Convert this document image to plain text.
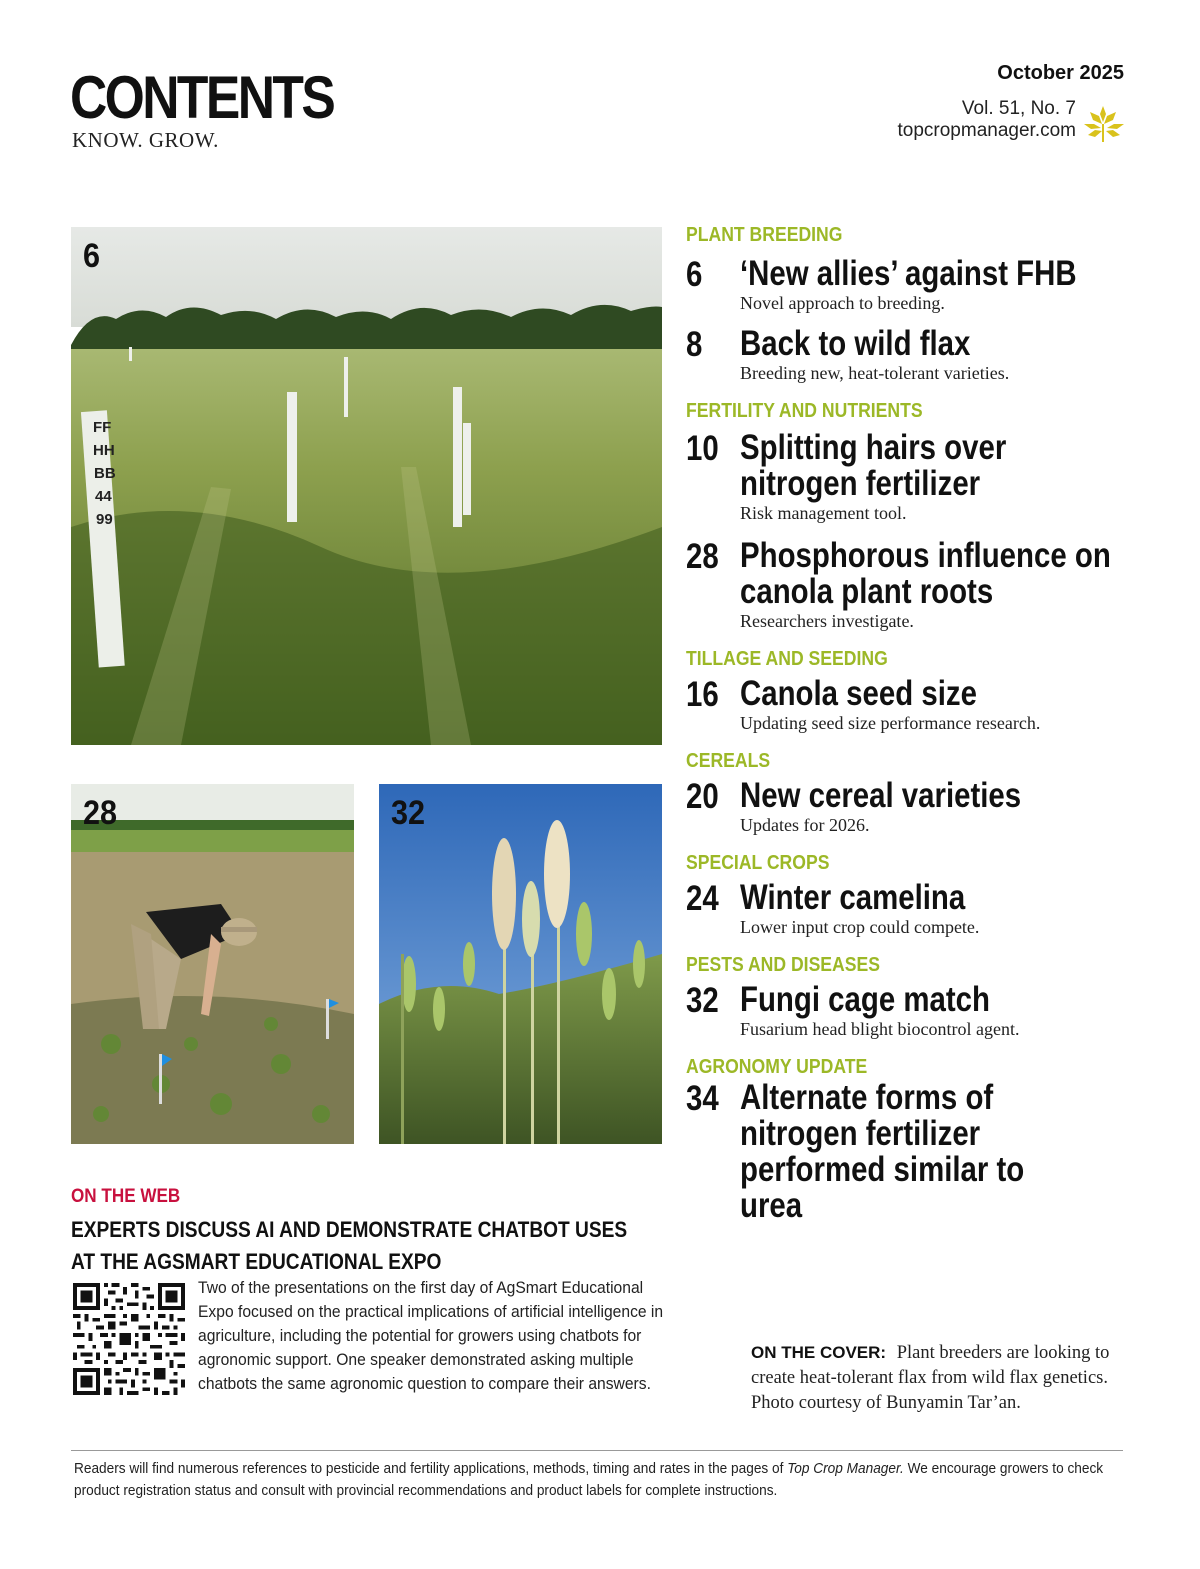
CONTENTS
KNOW. GROW.
October 2025
Vol. 51, No. 7
topcropmanager.com
FF
HH
BB
44
99
6
28	32
PLANT BREEDING
6 ‘New allies’ against FHB
Novel approach to breeding.
8 Back to wild flax
Breeding new, heat-tolerant varieties.
FERTILITY AND NUTRIENTS
10 Splitting hairs over nitrogen fertilizer
Risk management tool.
28 Phosphorous influence on canola plant roots
Researchers investigate.
TILLAGE AND SEEDING
16 Canola seed size
Updating seed size performance research.
CEREALS
20 New cereal varieties
Updates for 2026.
SPECIAL CROPS
24 Winter camelina
Lower input crop could compete.
PESTS AND DISEASES
32 Fungi cage match
Fusarium head blight biocontrol agent.
AGRONOMY UPDATE
34 Alternate forms of nitrogen fertilizer performed similar to urea
ON THE WEB
EXPERTS DISCUSS AI AND DEMONSTRATE CHATBOT USES AT THE AGSMART EDUCATIONAL EXPO
Two of the presentations on the first day of AgSmart Educational Expo focused on the practical implications of artificial intelligence in agriculture, including the potential for growers using chatbots for agronomic support. One speaker demonstrated asking multiple chatbots the same agronomic question to compare their answers.
ON THE COVER: Plant breeders are looking to create heat-tolerant flax from wild flax genetics. Photo courtesy of Bunyamin Tar’an.
Readers will find numerous references to pesticide and fertility applications, methods, timing and rates in the pages of Top Crop Manager. We encourage growers to check product registration status and consult with provincial recommendations and product labels for complete instructions.
